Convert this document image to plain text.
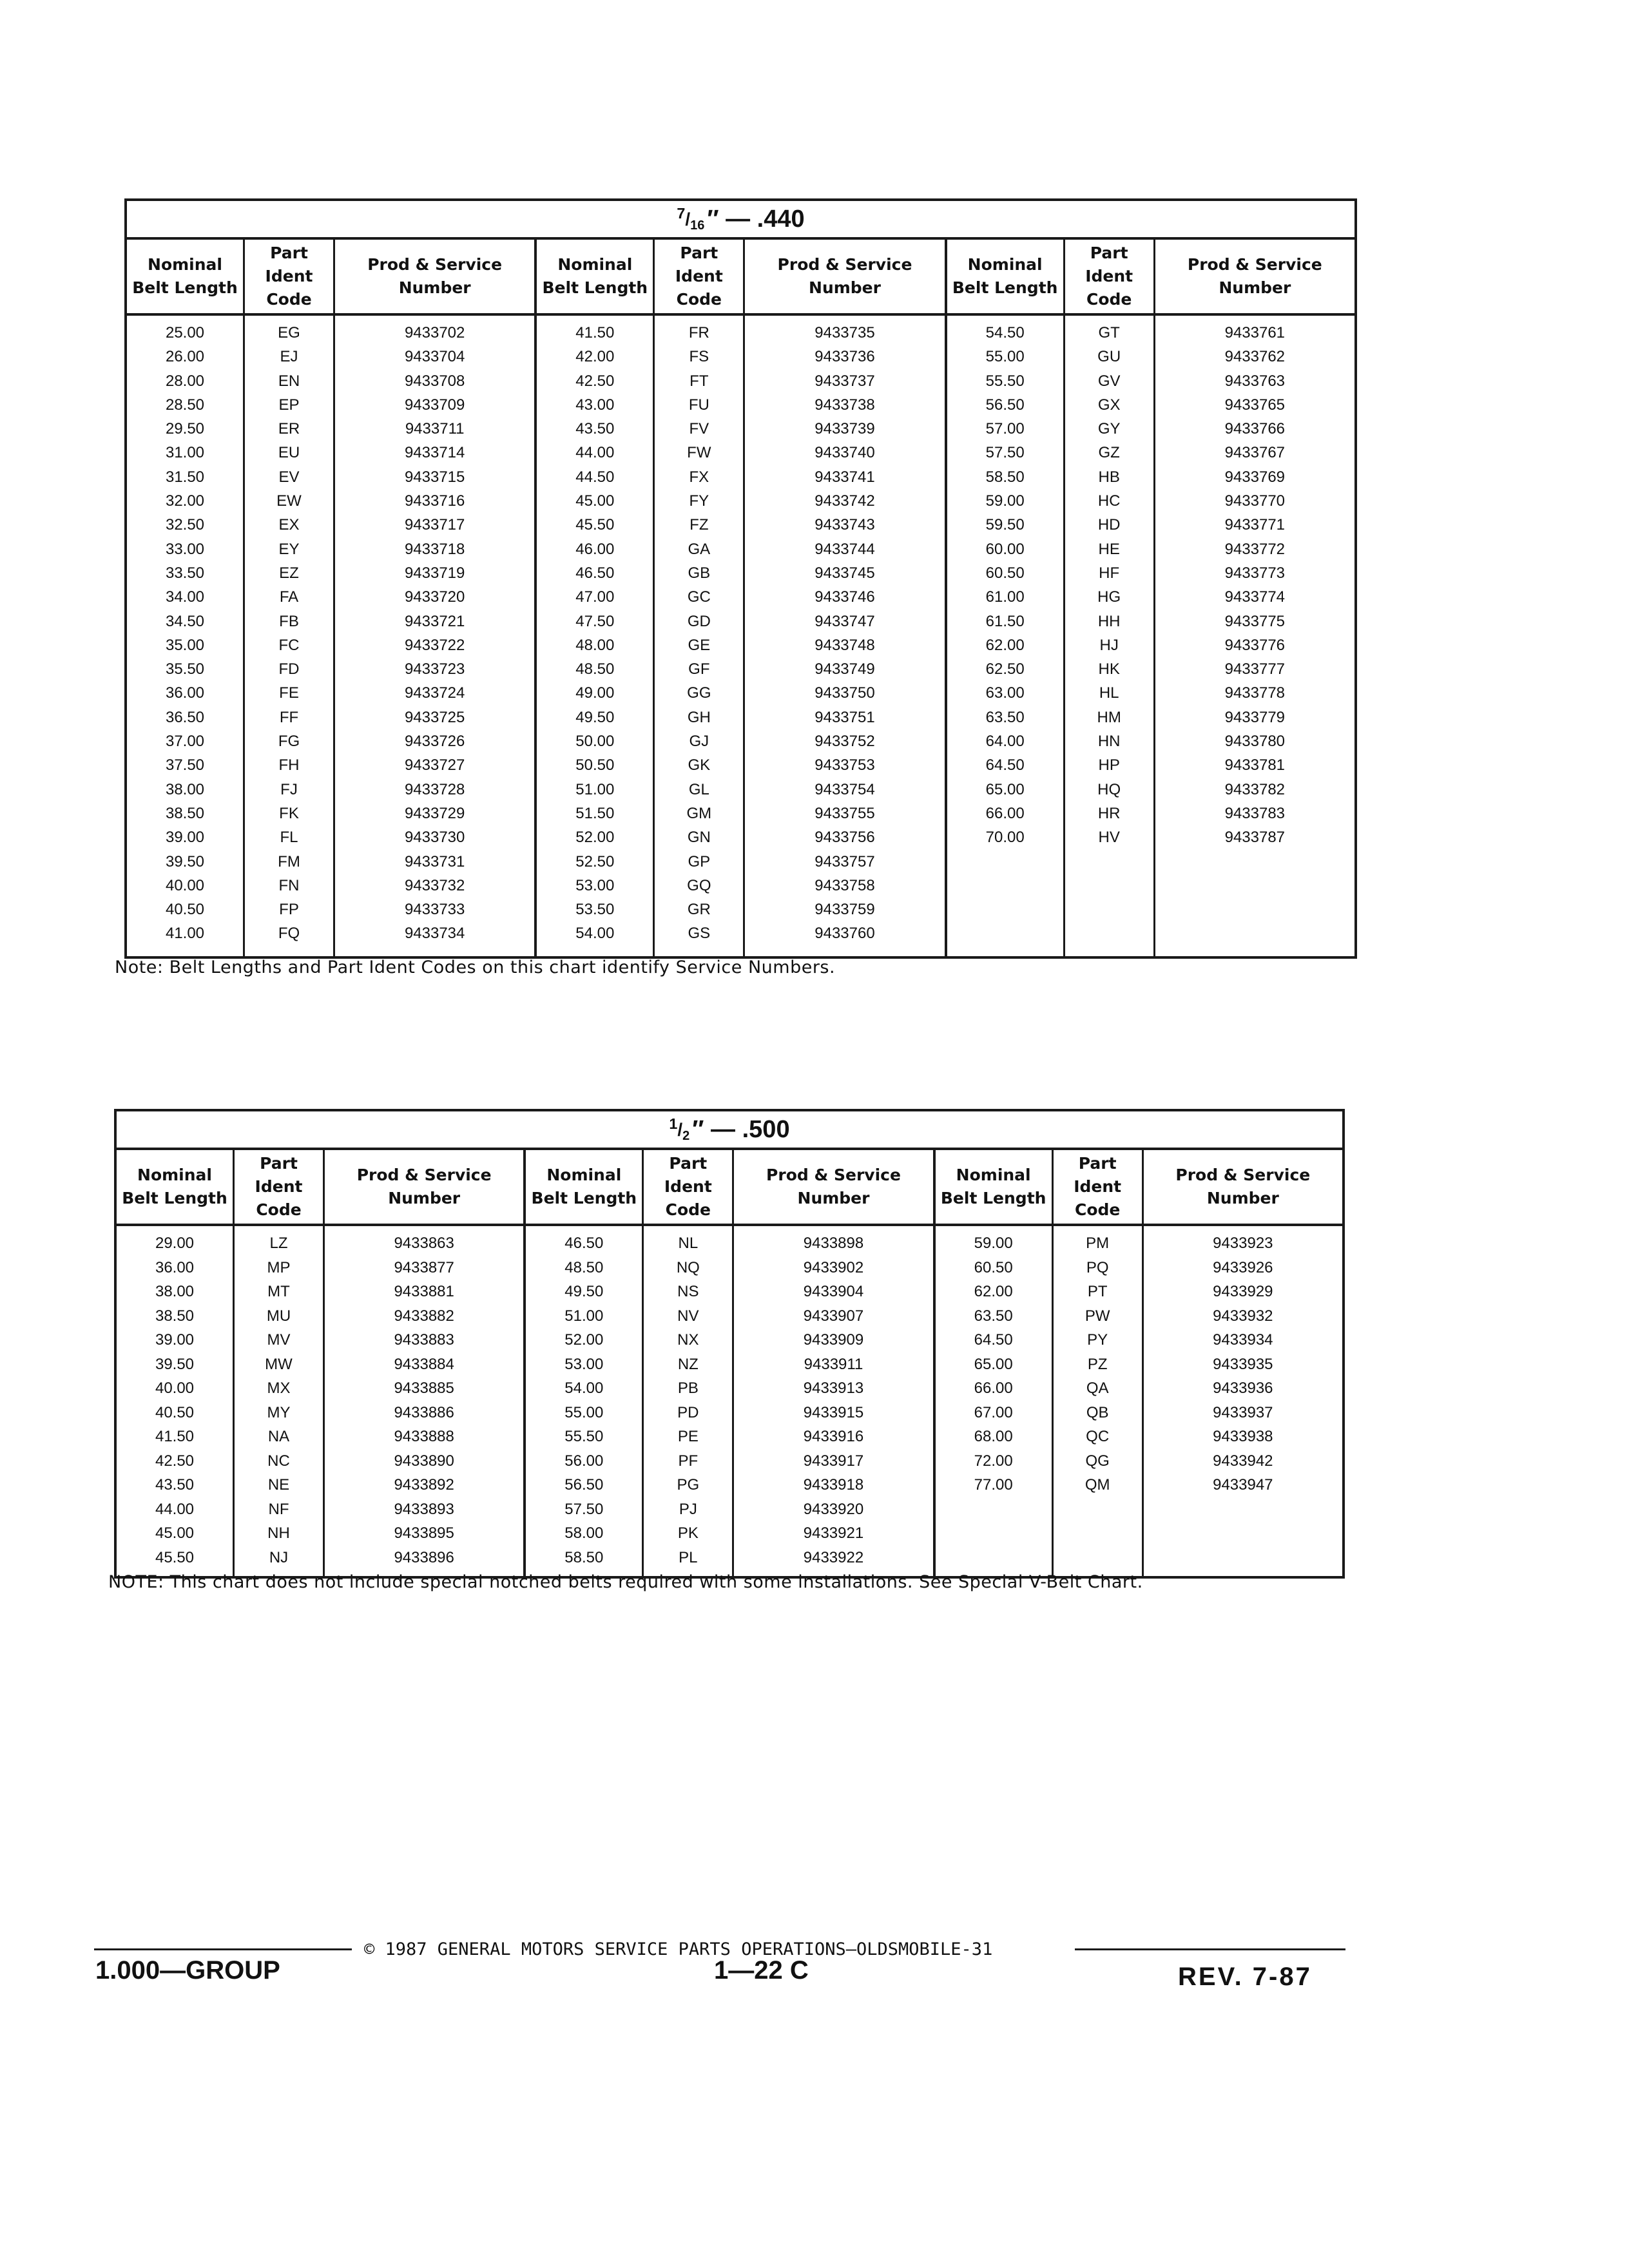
$^7/_{16}$ ″ — .440
Nominal Belt Length
25.00
26.00
28.00
28.50
29.50
31.00
31.50
32.00
32.50
33.00
33.50
34.00
34.50
35.00
35.50
36.00
36.50
37.00
37.50
38.00
38.50
39.00
39.50
40.00
40.50
41.00
Part Ident Code
EG
EJ
EN
EP
ER
EU
EV
EW
EX
EY
EZ
FA
FB
FC
FD
FE
FF
FG
FH
FJ
FK
FL
FM
FN
FP
FQ
Prod & Service Number
9433702
9433704
9433708
9433709
9433711
9433714
9433715
9433716
9433717
9433718
9433719
9433720
9433721
9433722
9433723
9433724
9433725
9433726
9433727
9433728
9433729
9433730
9433731
9433732
9433733
9433734
Nominal Belt Length
41.50
42.00
42.50
43.00
43.50
44.00
44.50
45.00
45.50
46.00
46.50
47.00
47.50
48.00
48.50
49.00
49.50
50.00
50.50
51.00
51.50
52.00
52.50
53.00
53.50
54.00
Part Ident Code
FR
FS
FT
FU
FV
FW
FX
FY
FZ
GA
GB
GC
GD
GE
GF
GG
GH
GJ
GK
GL
GM
GN
GP
GQ
GR
GS
Prod & Service Number
9433735
9433736
9433737
9433738
9433739
9433740
9433741
9433742
9433743
9433744
9433745
9433746
9433747
9433748
9433749
9433750
9433751
9433752
9433753
9433754
9433755
9433756
9433757
9433758
9433759
9433760
Nominal Belt Length
54.50
55.00
55.50
56.50
57.00
57.50
58.50
59.00
59.50
60.00
60.50
61.00
61.50
62.00
62.50
63.00
63.50
64.00
64.50
65.00
66.00
70.00
Part Ident Code
GT
GU
GV
GX
GY
GZ
HB
HC
HD
HE
HF
HG
HH
HJ
HK
HL
HM
HN
HP
HQ
HR
HV
Prod & Service Number
9433761
9433762
9433763
9433765
9433766
9433767
9433769
9433770
9433771
9433772
9433773
9433774
9433775
9433776
9433777
9433778
9433779
9433780
9433781
9433782
9433783
9433787
Note: Belt Lengths and Part Ident Codes on this chart identify Service Numbers.
$^1/_2$ ″ — .500
Nominal Belt Length
29.00
36.00
38.00
38.50
39.00
39.50
40.00
40.50
41.50
42.50
43.50
44.00
45.00
45.50
Part Ident Code
LZ
MP
MT
MU
MV
MW
MX
MY
NA
NC
NE
NF
NH
NJ
Prod & Service Number
9433863
9433877
9433881
9433882
9433883
9433884
9433885
9433886
9433888
9433890
9433892
9433893
9433895
9433896
Nominal Belt Length
46.50
48.50
49.50
51.00
52.00
53.00
54.00
55.00
55.50
56.00
56.50
57.50
58.00
58.50
Part Ident Code
NL
NQ
NS
NV
NX
NZ
PB
PD
PE
PF
PG
PJ
PK
PL
Prod & Service Number
9433898
9433902
9433904
9433907
9433909
9433911
9433913
9433915
9433916
9433917
9433918
9433920
9433921
9433922
Nominal Belt Length
59.00
60.50
62.00
63.50
64.50
65.00
66.00
67.00
68.00
72.00
77.00
Part Ident Code
PM
PQ
PT
PW
PY
PZ
QA
QB
QC
QG
QM
Prod & Service Number
9433923
9433926
9433929
9433932
9433934
9433935
9433936
9433937
9433938
9433942
9433947
NOTE: This chart does not include special notched belts required with some installations. See Special V-Belt Chart.
© 1987 GENERAL MOTORS SERVICE PARTS OPERATIONS—OLDSMOBILE-31
1.000—GROUP	1—22 C	REV. 7-87
